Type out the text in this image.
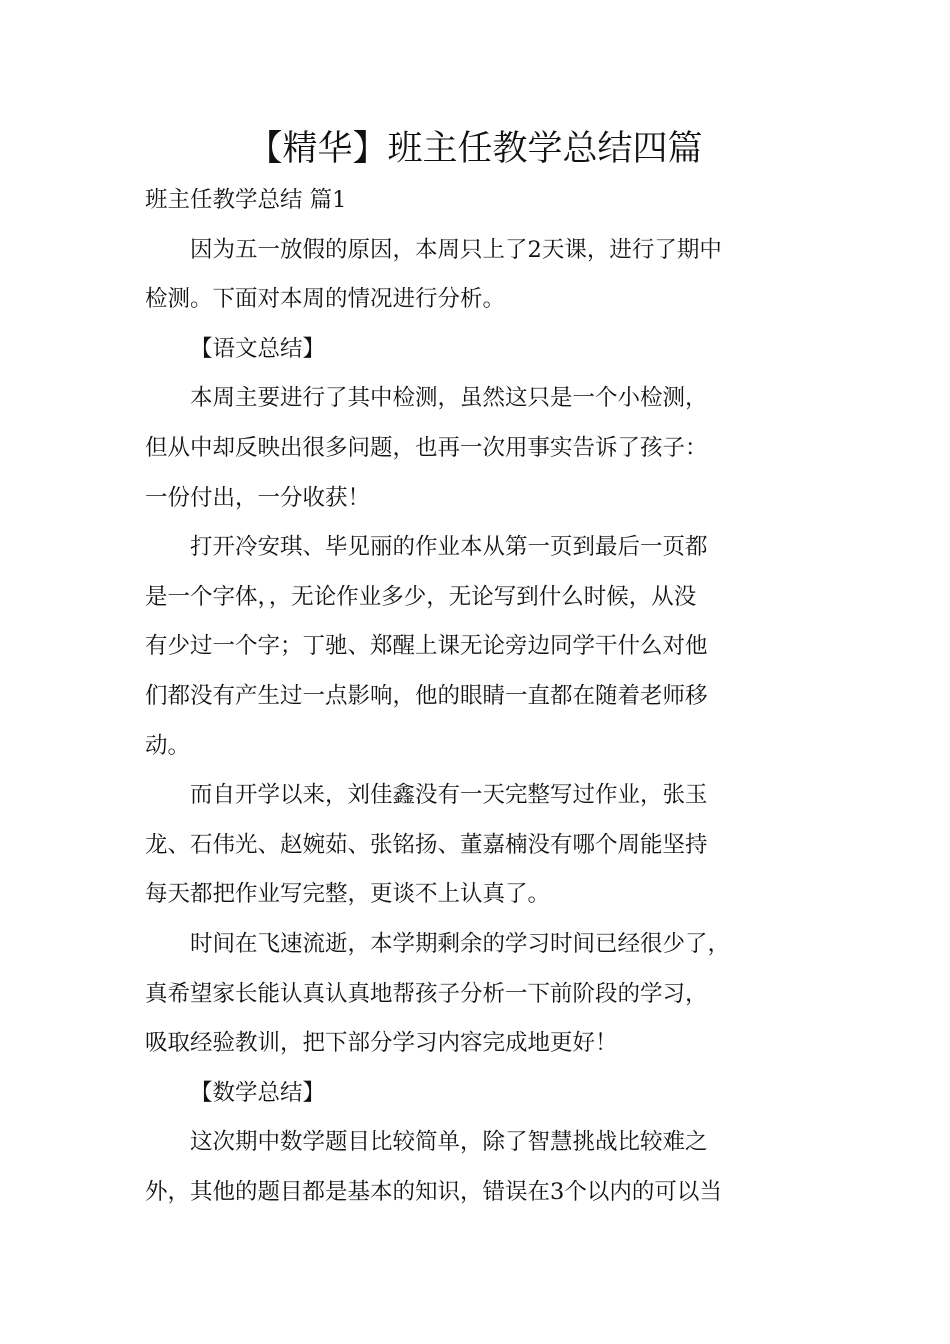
【精华】班主任教学总结四篇

班主任教学总结 篇1

因为五一放假的原因，本周只上了2天课，进行了期中
检测。下面对本周的情况进行分析。

【语文总结】

本周主要进行了其中检测，虽然这只是一个小检测，
但从中却反映出很多问题，也再一次用事实告诉了孩子：
一份付出，一分收获！

打开冷安琪、毕见丽的作业本从第一页到最后一页都
是一个字体，，无论作业多少，无论写到什么时候，从没
有少过一个字；丁驰、郑醒上课无论旁边同学干什么对他
们都没有产生过一点影响，他的眼睛一直都在随着老师移
动。

而自开学以来，刘佳鑫没有一天完整写过作业，张玉
龙、石伟光、赵婉茹、张铭扬、董嘉楠没有哪个周能坚持
每天都把作业写完整，更谈不上认真了。

时间在飞速流逝，本学期剩余的学习时间已经很少了，
真希望家长能认真认真地帮孩子分析一下前阶段的学习，
吸取经验教训，把下部分学习内容完成地更好！

【数学总结】

这次期中数学题目比较简单，除了智慧挑战比较难之
外，其他的题目都是基本的知识，错误在3个以内的可以当
